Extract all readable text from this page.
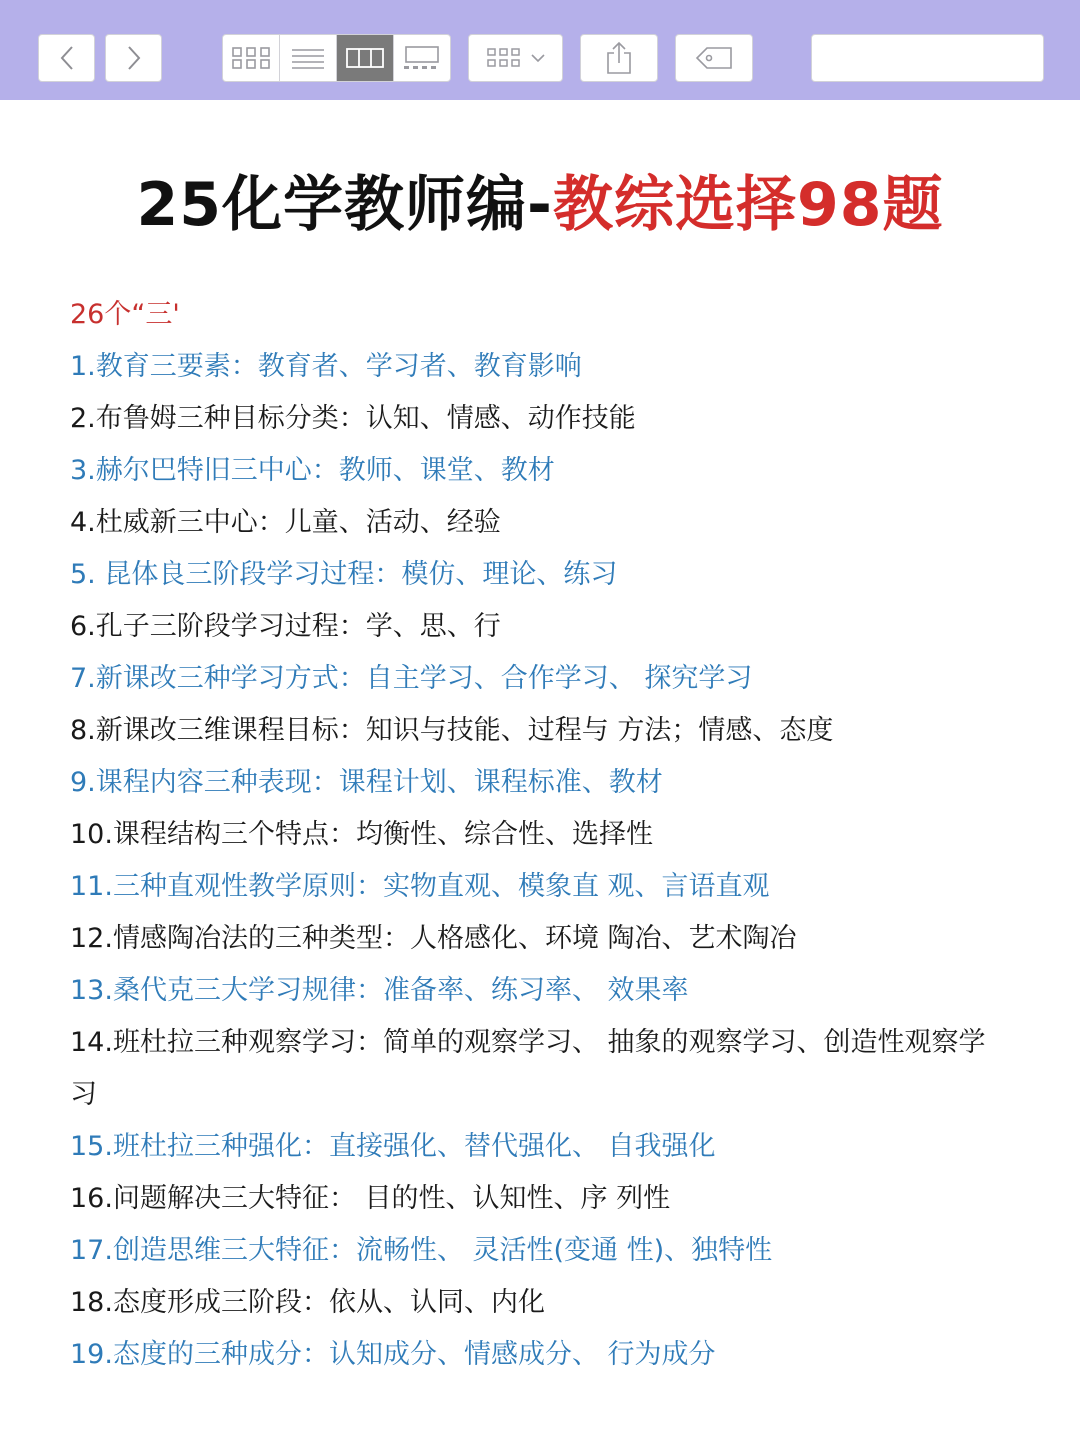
25化学教师编-教综选择98题
26个“三'
1.教育三要素：教育者、学习者、教育影响
2.布鲁姆三种目标分类：认知、情感、动作技能
3.赫尔巴特旧三中心：教师、课堂、教材
4.杜威新三中心：儿童、活动、经验
5. 昆体良三阶段学习过程：模仿、理论、练习
6.孔子三阶段学习过程：学、思、行
7.新课改三种学习方式：自主学习、合作学习、 探究学习
8.新课改三维课程目标：知识与技能、过程与 方法；情感、态度
9.课程内容三种表现：课程计划、课程标准、教材
10.课程结构三个特点：均衡性、综合性、选择性
11.三种直观性教学原则：实物直观、模象直 观、言语直观
12.情感陶冶法的三种类型：人格感化、环境 陶冶、艺术陶冶
13.桑代克三大学习规律：准备率、练习率、 效果率
14.班杜拉三种观察学习：简单的观察学习、 抽象的观察学习、创造性观察学习
15.班杜拉三种强化：直接强化、替代强化、 自我强化
16.问题解决三大特征： 目的性、认知性、序 列性
17.创造思维三大特征：流畅性、 灵活性(变通 性)、独特性
18.态度形成三阶段：依从、认同、内化
19.态度的三种成分：认知成分、情感成分、 行为成分
